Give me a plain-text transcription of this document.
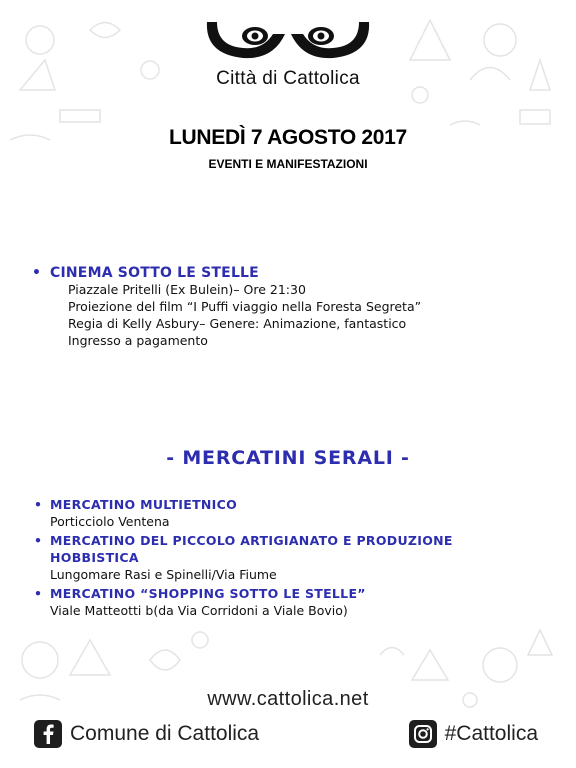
Città di Cattolica
LUNEDÌ 7 AGOSTO 2017
EVENTI E MANIFESTAZIONI
• CINEMA SOTTO LE STELLE
Piazzale Pritelli (Ex Bulein)– Ore 21:30
Proiezione del film “I Puffi viaggio nella Foresta Segreta”
Regia di Kelly Asbury– Genere: Animazione, fantastico
Ingresso a pagamento
- MERCATINI SERALI -
• MERCATINO MULTIETNICO
Porticciolo Ventena
• MERCATINO DEL PICCOLO ARTIGIANATO E PRODUZIONE
HOBBISTICA
Lungomare Rasi e Spinelli/Via Fiume
• MERCATINO “SHOPPING SOTTO LE STELLE”
Viale Matteotti b(da Via Corridoni a Viale Bovio)
www.cattolica.net
Comune di Cattolica	#Cattolica
